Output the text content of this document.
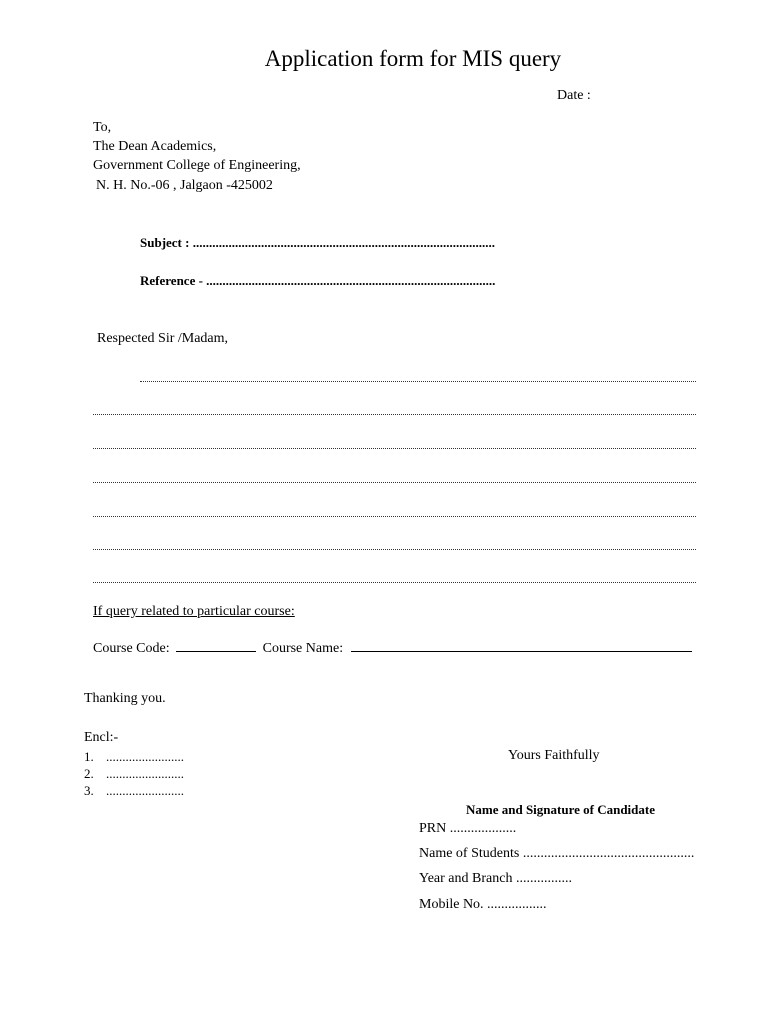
Application form for MIS query
Date :
To,
The Dean Academics,
Government College of Engineering,
N. H. No.-06 , Jalgaon -425002
Subject : .............................................................................................
Reference - .........................................................................................
Respected Sir /Madam,
If query related to particular course:
Course Code:	Course Name:
Thanking you.
Encl:-
1. ........................
2. ........................
3. ........................
Yours Faithfully
Name and Signature of Candidate
PRN ...................
Name of Students .................................................
Year and Branch ................
Mobile No. .................
